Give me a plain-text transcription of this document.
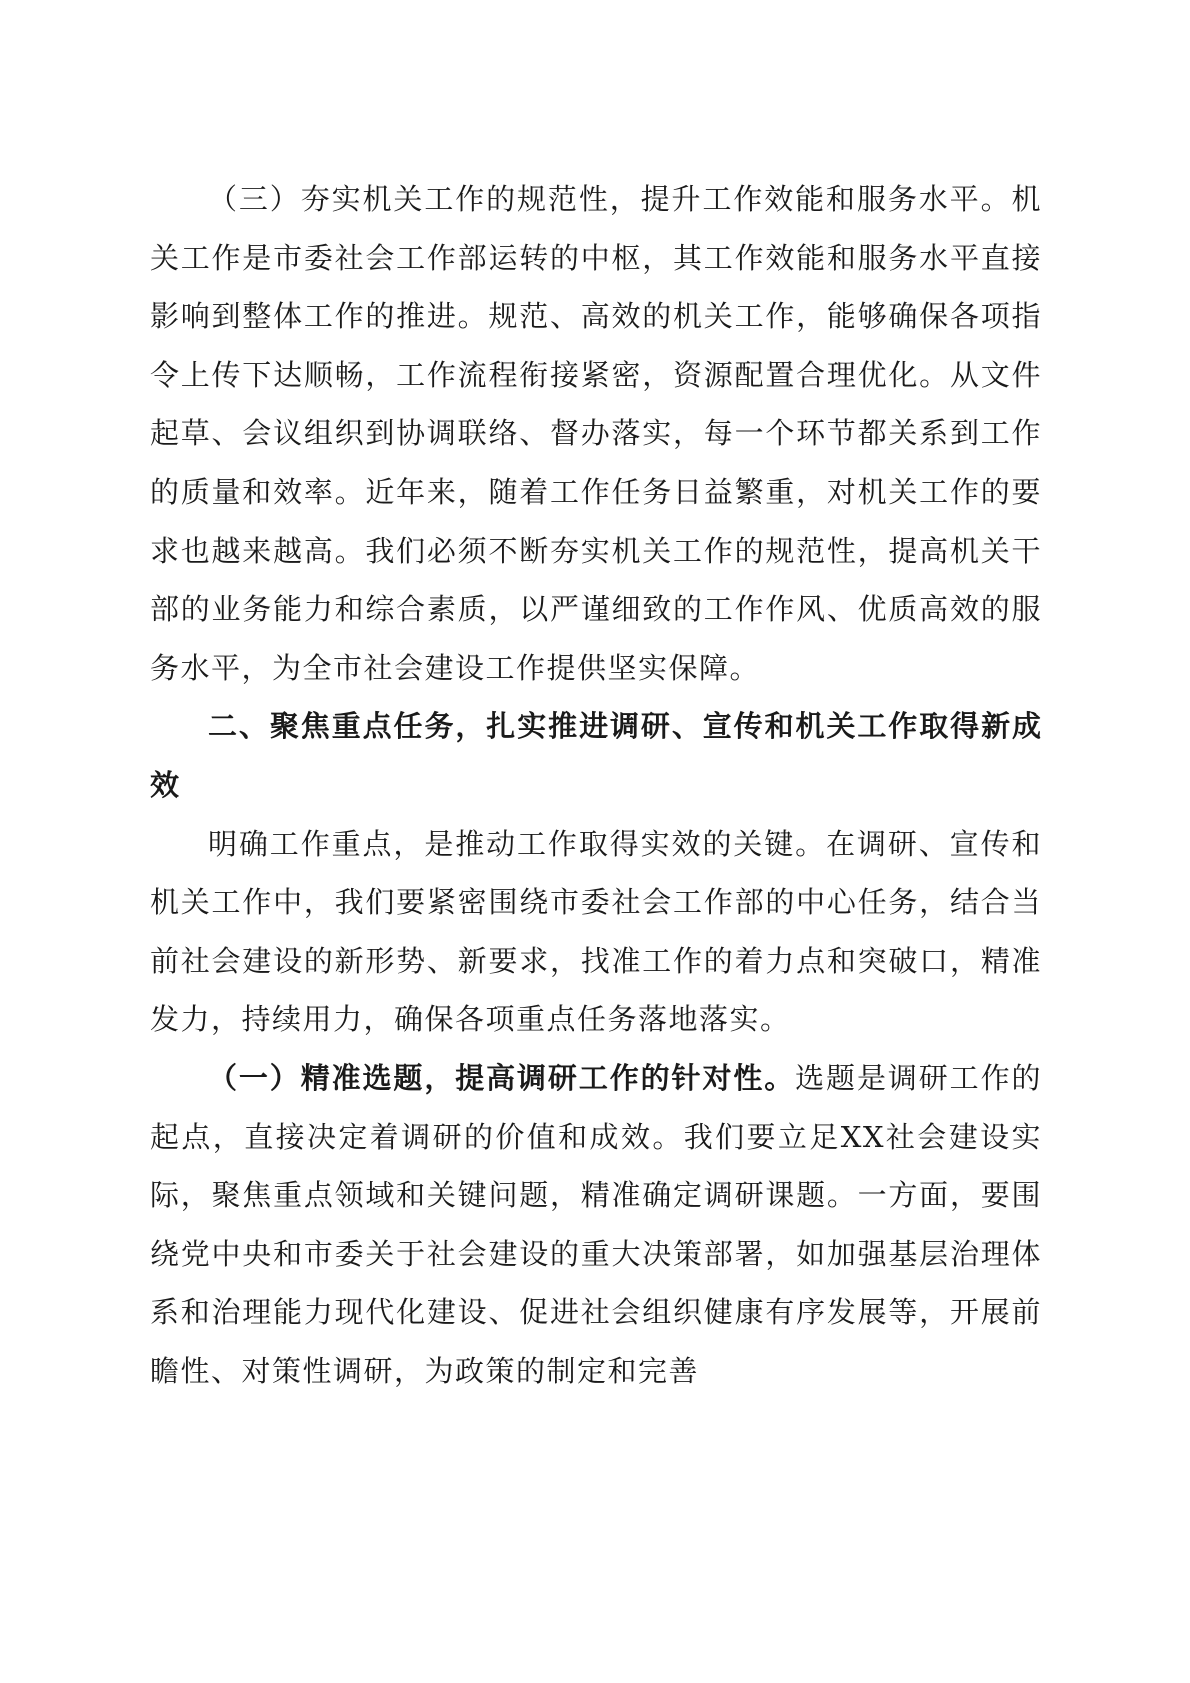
（三）夯实机关工作的规范性，提升工作效能和服务水平。机关工作是市委社会工作部运转的中枢，其工作效能和服务水平直接影响到整体工作的推进。规范、高效的机关工作，能够确保各项指令上传下达顺畅，工作流程衔接紧密，资源配置合理优化。从文件起草、会议组织到协调联络、督办落实，每一个环节都关系到工作的质量和效率。近年来，随着工作任务日益繁重，对机关工作的要求也越来越高。我们必须不断夯实机关工作的规范性，提高机关干部的业务能力和综合素质，以严谨细致的工作作风、优质高效的服务水平，为全市社会建设工作提供坚实保障。

二、聚焦重点任务，扎实推进调研、宣传和机关工作取得新成效

明确工作重点，是推动工作取得实效的关键。在调研、宣传和机关工作中，我们要紧密围绕市委社会工作部的中心任务，结合当前社会建设的新形势、新要求，找准工作的着力点和突破口，精准发力，持续用力，确保各项重点任务落地落实。

（一）精准选题，提高调研工作的针对性。选题是调研工作的起点，直接决定着调研的价值和成效。我们要立足XX社会建设实际，聚焦重点领域和关键问题，精准确定调研课题。一方面，要围绕党中央和市委关于社会建设的重大决策部署，如加强基层治理体系和治理能力现代化建设、促进社会组织健康有序发展等，开展前瞻性、对策性调研，为政策的制定和完善
